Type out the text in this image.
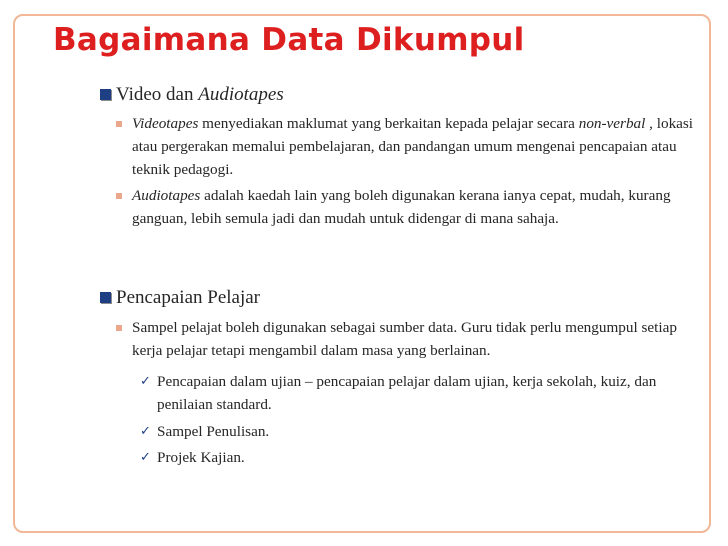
Bagaimana Data Dikumpul
Video dan Audiotapes
Videotapes menyediakan maklumat yang berkaitan kepada pelajar secara non-verbal , lokasi atau pergerakan memalui pembelajaran, dan pandangan umum mengenai pencapaian atau teknik pedagogi.
Audiotapes adalah kaedah lain yang boleh digunakan kerana ianya cepat, mudah, kurang ganguan, lebih semula jadi dan mudah untuk didengar di mana sahaja.
Pencapaian Pelajar
Sampel pelajat boleh digunakan sebagai sumber data. Guru tidak perlu mengumpul setiap kerja pelajar tetapi mengambil dalam masa yang berlainan.
✓ Pencapaian dalam ujian – pencapaian pelajar dalam ujian, kerja sekolah, kuiz, dan penilaian standard.
✓ Sampel Penulisan.
✓ Projek Kajian.
